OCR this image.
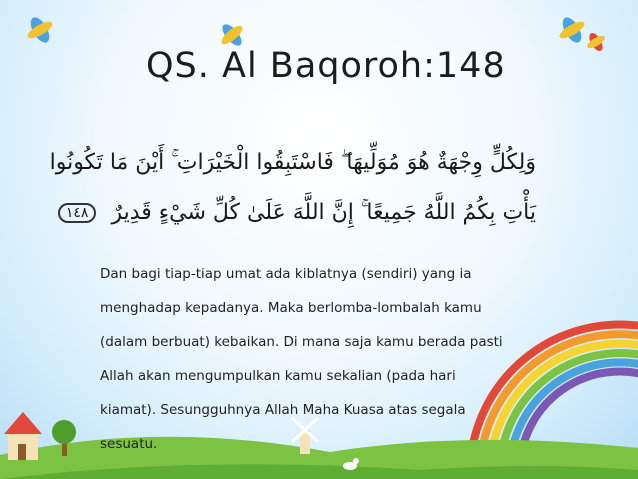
QS. Al Baqoroh:148
وَلِكُلٍّ وِجْهَةٌ هُوَ مُوَلِّيهَا ۖ فَاسْتَبِقُوا الْخَيْرَاتِ ۚ أَيْنَ مَا تَكُونُوا
يَأْتِ بِكُمُ اللَّهُ جَمِيعًا ۚ إِنَّ اللَّهَ عَلَىٰ كُلِّ شَيْءٍ قَدِيرٌ ١٤٨
Dan bagi tiap-tiap umat ada kiblatnya (sendiri) yang ia
menghadap kepadanya. Maka berlomba-lombalah kamu
(dalam berbuat) kebaikan. Di mana saja kamu berada pasti
Allah akan mengumpulkan kamu sekalian (pada hari
kiamat). Sesungguhnya Allah Maha Kuasa atas segala
sesuatu.
